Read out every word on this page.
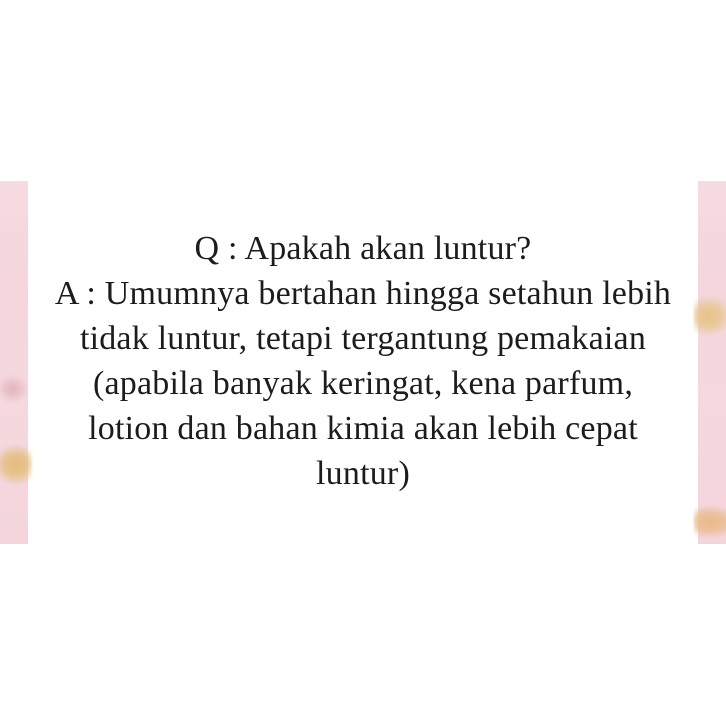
Q : Apakah akan luntur?
A : Umumnya bertahan hingga setahun lebih
tidak luntur, tetapi tergantung pemakaian
(apabila banyak keringat, kena parfum,
lotion dan bahan kimia akan lebih cepat
luntur)
